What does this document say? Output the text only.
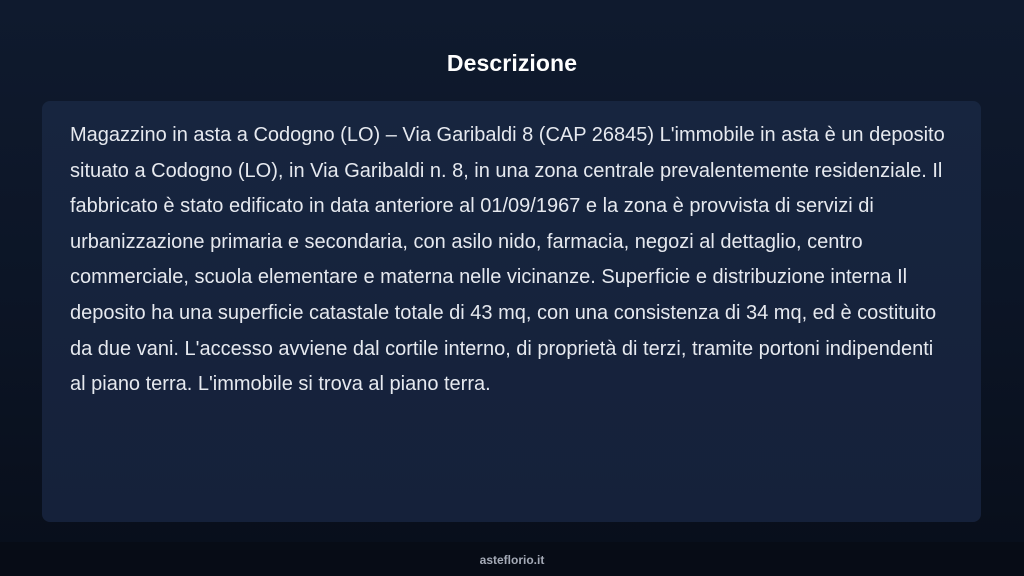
Descrizione

Magazzino in asta a Codogno (LO) – Via Garibaldi 8 (CAP 26845) L'immobile in asta è un deposito situato a Codogno (LO), in Via Garibaldi n. 8, in una zona centrale prevalentemente residenziale. Il fabbricato è stato edificato in data anteriore al 01/09/1967 e la zona è provvista di servizi di urbanizzazione primaria e secondaria, con asilo nido, farmacia, negozi al dettaglio, centro commerciale, scuola elementare e materna nelle vicinanze. Superficie e distribuzione interna Il deposito ha una superficie catastale totale di 43 mq, con una consistenza di 34 mq, ed è costituito da due vani. L'accesso avviene dal cortile interno, di proprietà di terzi, tramite portoni indipendenti al piano terra. L'immobile si trova al piano terra.

asteflorio.it
